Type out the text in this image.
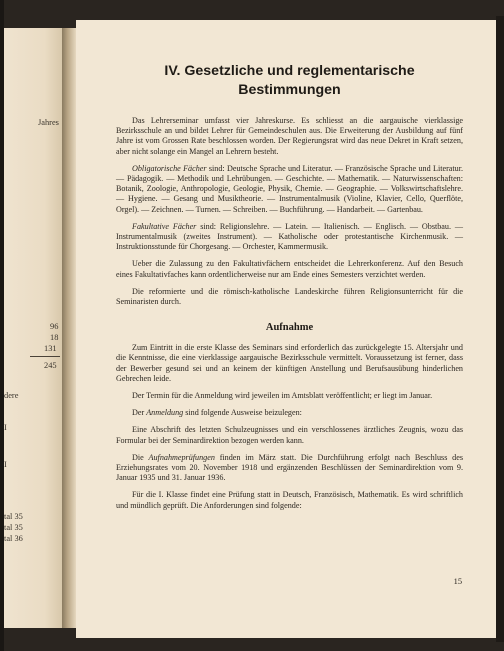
Jahres
96
18
131
245
dere
I
I
tal 35
tal 35
tal 36
IV. Gesetzliche und reglementarische
Bestimmungen

Das Lehrerseminar umfasst vier Jahreskurse. Es schliesst an die aargauische vierklassige Bezirksschule an und bildet Lehrer für Gemeindeschulen aus. Die Erweiterung der Ausbildung auf fünf Jahre ist vom Grossen Rate beschlossen worden. Der Regierungsrat wird das neue Dekret in Kraft setzen, aber nicht solange ein Mangel an Lehrern besteht.

Obligatorische Fächer sind: Deutsche Sprache und Literatur. — Französische Sprache und Literatur. — Pädagogik. — Methodik und Lehrübungen. — Geschichte. — Mathematik. — Naturwissenschaften: Botanik, Zoologie, Anthropologie, Geologie, Physik, Chemie. — Geographie. — Volkswirtschaftslehre. — Hygiene. — Gesang und Musiktheorie. — Instrumentalmusik (Violine, Klavier, Cello, Querflöte, Orgel). — Zeichnen. — Turnen. — Schreiben. — Buchführung. — Handarbeit. — Gartenbau.

Fakultative Fächer sind: Religionslehre. — Latein. — Italienisch. — Englisch. — Obstbau. — Instrumentalmusik (zweites Instrument). — Katholische oder protestantische Kirchenmusik. — Instruktionsstunde für Chorgesang. — Orchester, Kammermusik.

Ueber die Zulassung zu den Fakultativfächern entscheidet die Lehrerkonferenz. Auf den Besuch eines Fakultativfaches kann ordentlicherweise nur am Ende eines Semesters verzichtet werden.

Die reformierte und die römisch-katholische Landeskirche führen Religionsunterricht für die Seminaristen durch.

Aufnahme

Zum Eintritt in die erste Klasse des Seminars sind erforderlich das zurückgelegte 15. Altersjahr und die Kenntnisse, die eine vierklassige aargauische Bezirksschule vermittelt. Voraussetzung ist ferner, dass der Bewerber gesund sei und an keinem der künftigen Anstellung und Berufsausübung hinderlichen Gebrechen leide.

Der Termin für die Anmeldung wird jeweilen im Amtsblatt veröffentlicht; er liegt im Januar.

Der Anmeldung sind folgende Ausweise beizulegen:

Eine Abschrift des letzten Schulzeugnisses und ein verschlossenes ärztliches Zeugnis, wozu das Formular bei der Seminardirektion bezogen werden kann.

Die Aufnahmeprüfungen finden im März statt. Die Durchführung erfolgt nach Beschluss des Erziehungsrates vom 20. November 1918 und ergänzenden Beschlüssen der Seminardirektion vom 9. Januar 1935 und 31. Januar 1936.

Für die I. Klasse findet eine Prüfung statt in Deutsch, Französisch, Mathematik. Es wird schriftlich und mündlich geprüft. Die Anforderungen sind folgende:

15
